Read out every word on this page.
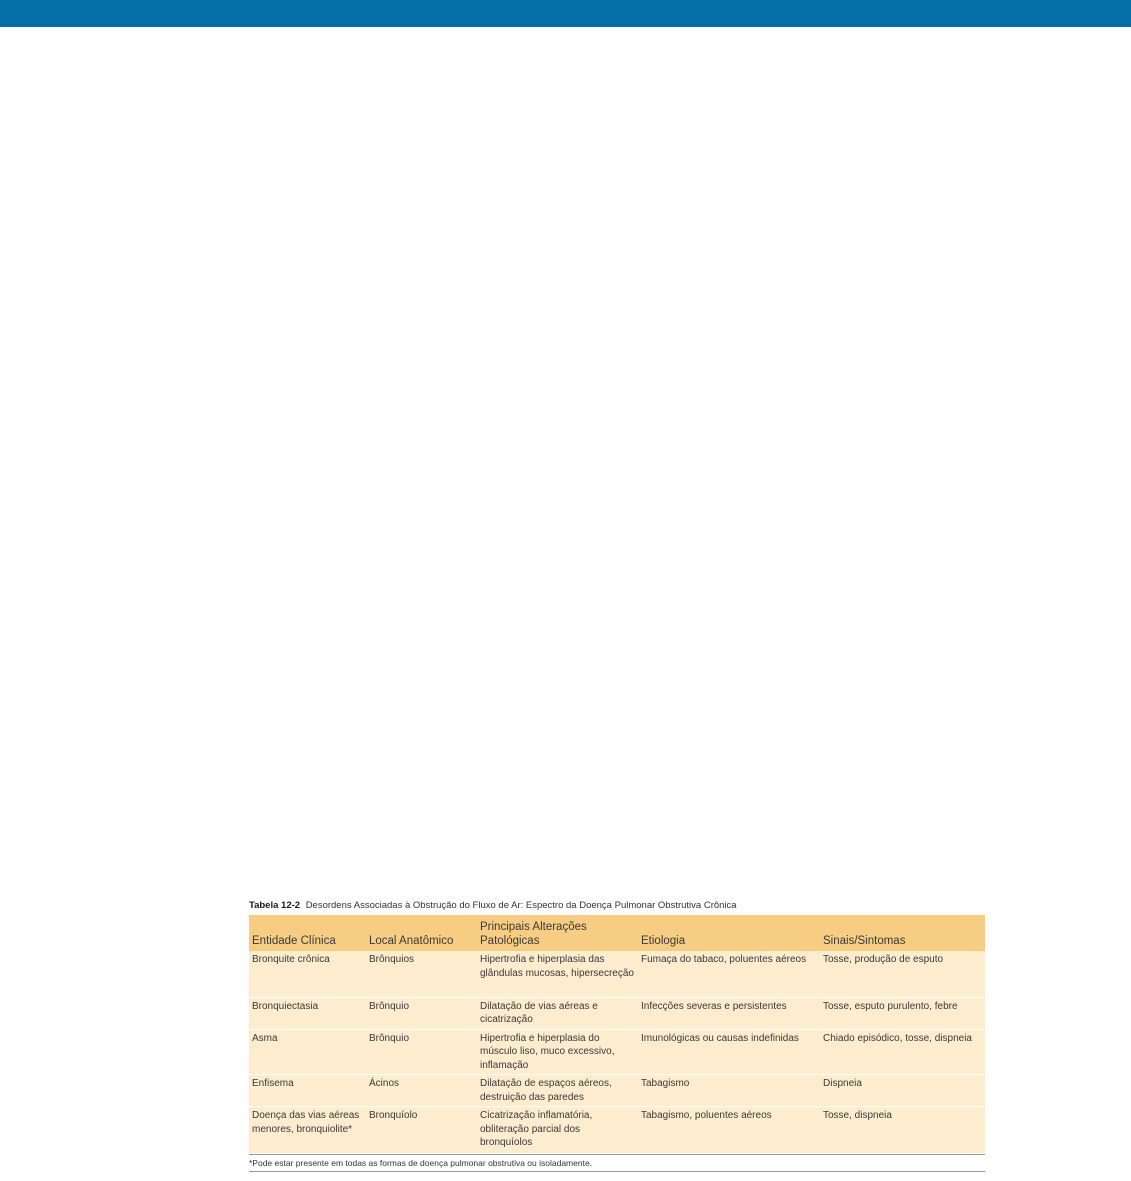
Tabela 12-2 Desordens Associadas à Obstrução do Fluxo de Ar: Espectro da Doença Pulmonar Obstrutiva Crônica
Entidade Clínica	Local Anatômico	Principais Alterações Patológicas	Etiologia	Sinais/Sintomas
Bronquite crônica	Brônquios	Hipertrofia e hiperplasia das glândulas mucosas, hipersecreção	Fumaça do tabaco, poluentes aéreos	Tosse, produção de esputo
Bronquiectasia	Brônquio	Dilatação de vias aéreas e cicatrização	Infecções severas e persistentes	Tosse, esputo purulento, febre
Asma	Brônquio	Hipertrofia e hiperplasia do músculo liso, muco excessivo, inflamação	Imunológicas ou causas indefinidas	Chiado episódico, tosse, dispneia
Enfisema	Ácinos	Dilatação de espaços aéreos, destruição das paredes	Tabagismo	Dispneia
Doença das vias aéreas menores, bronquiolite*	Bronquíolo	Cicatrização inflamatória, obliteração parcial dos bronquíolos	Tabagismo, poluentes aéreos	Tosse, dispneia
*Pode estar presente em todas as formas de doença pulmonar obstrutiva ou isoladamente.
